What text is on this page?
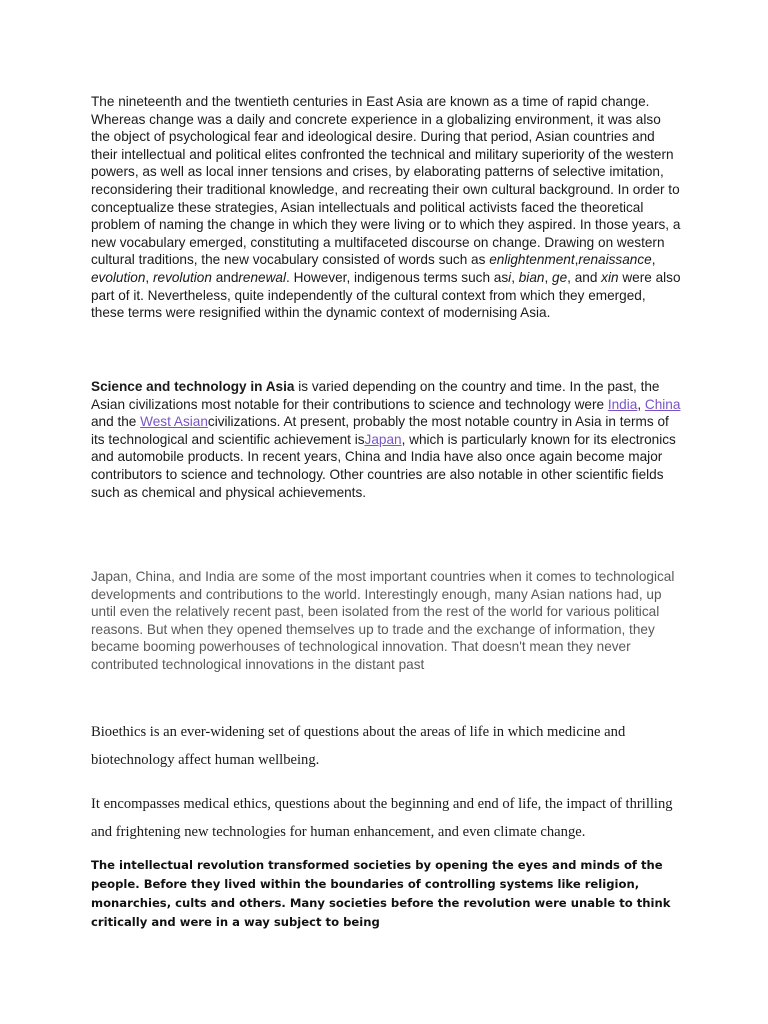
The nineteenth and the twentieth centuries in East Asia are known as a time of rapid change. Whereas change was a daily and concrete experience in a globalizing environment, it was also the object of psychological fear and ideological desire. During that period, Asian countries and their intellectual and political elites confronted the technical and military superiority of the western powers, as well as local inner tensions and crises, by elaborating patterns of selective imitation, reconsidering their traditional knowledge, and recreating their own cultural background. In order to conceptualize these strategies, Asian intellectuals and political activists faced the theoretical problem of naming the change in which they were living or to which they aspired. In those years, a new vocabulary emerged, constituting a multifaceted discourse on change. Drawing on western cultural traditions, the new vocabulary consisted of words such as enlightenment,renaissance, evolution, revolution andrenewal. However, indigenous terms such asi, bian, ge, and xin were also part of it. Nevertheless, quite independently of the cultural context from which they emerged, these terms were resignified within the dynamic context of modernising Asia.

Science and technology in Asia is varied depending on the country and time. In the past, the Asian civilizations most notable for their contributions to science and technology were India, China and the West Asiancivilizations. At present, probably the most notable country in Asia in terms of its technological and scientific achievement isJapan, which is particularly known for its electronics and automobile products. In recent years, China and India have also once again become major contributors to science and technology. Other countries are also notable in other scientific fields such as chemical and physical achievements.

Japan, China, and India are some of the most important countries when it comes to technological developments and contributions to the world. Interestingly enough, many Asian nations had, up until even the relatively recent past, been isolated from the rest of the world for various political reasons. But when they opened themselves up to trade and the exchange of information, they became booming powerhouses of technological innovation. That doesn't mean they never contributed technological innovations in the distant past

Bioethics is an ever-widening set of questions about the areas of life in which medicine and biotechnology affect human wellbeing.

It encompasses medical ethics, questions about the beginning and end of life, the impact of thrilling and frightening new technologies for human enhancement, and even climate change.

The intellectual revolution transformed societies by opening the eyes and minds of the people. Before they lived within the boundaries of controlling systems like religion, monarchies, cults and others. Many societies before the revolution were unable to think critically and were in a way subject to being
